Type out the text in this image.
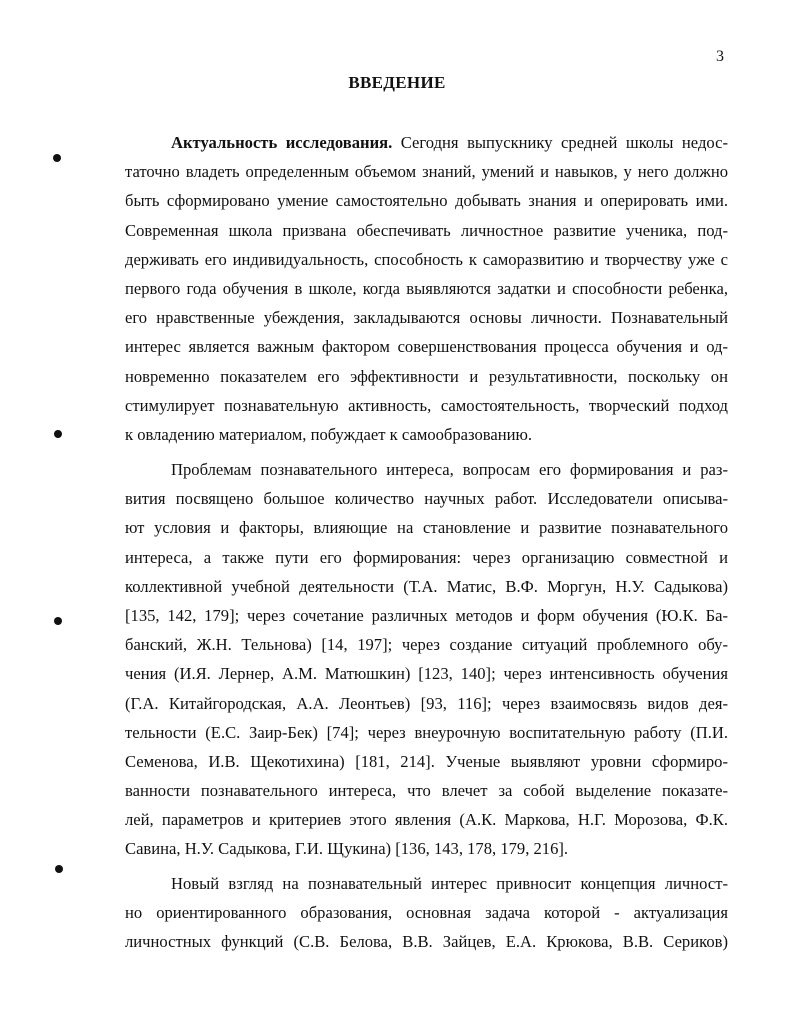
3
ВВЕДЕНИЕ
Актуальность исследования. Сегодня выпускнику средней школы недос-
таточно владеть определенным объемом знаний, умений и навыков, у него должно
быть сформировано умение самостоятельно добывать знания и оперировать ими.
Современная школа призвана обеспечивать личностное развитие ученика, под-
держивать его индивидуальность, способность к саморазвитию и творчеству уже с
первого года обучения в школе, когда выявляются задатки и способности ребенка,
его нравственные убеждения, закладываются основы личности. Познавательный
интерес является важным фактором совершенствования процесса обучения и од-
новременно показателем его эффективности и результативности, поскольку он
стимулирует познавательную активность, самостоятельность, творческий подход
к овладению материалом, побуждает к самообразованию.
Проблемам познавательного интереса, вопросам его формирования и раз-
вития посвящено большое количество научных работ. Исследователи описыва-
ют условия и факторы, влияющие на становление и развитие познавательного
интереса, а также пути его формирования: через организацию совместной и
коллективной учебной деятельности (Т.А. Матис, В.Ф. Моргун, Н.У. Садыкова)
[135, 142, 179]; через сочетание различных методов и форм обучения (Ю.К. Ба-
банский, Ж.Н. Тельнова) [14, 197]; через создание ситуаций проблемного обу-
чения (И.Я. Лернер, А.М. Матюшкин) [123, 140]; через интенсивность обучения
(Г.А. Китайгородская, А.А. Леонтьев) [93, 116]; через взаимосвязь видов дея-
тельности (Е.С. Заир-Бек) [74]; через внеурочную воспитательную работу (П.И.
Семенова, И.В. Щекотихина) [181, 214]. Ученые выявляют уровни сформиро-
ванности познавательного интереса, что влечет за собой выделение показате-
лей, параметров и критериев этого явления (А.К. Маркова, Н.Г. Морозова, Ф.К.
Савина, Н.У. Садыкова, Г.И. Щукина) [136, 143, 178, 179, 216].
Новый взгляд на познавательный интерес привносит концепция личност-
но ориентированного образования, основная задача которой - актуализация
личностных функций (С.В. Белова, В.В. Зайцев, Е.А. Крюкова, В.В. Сериков)
